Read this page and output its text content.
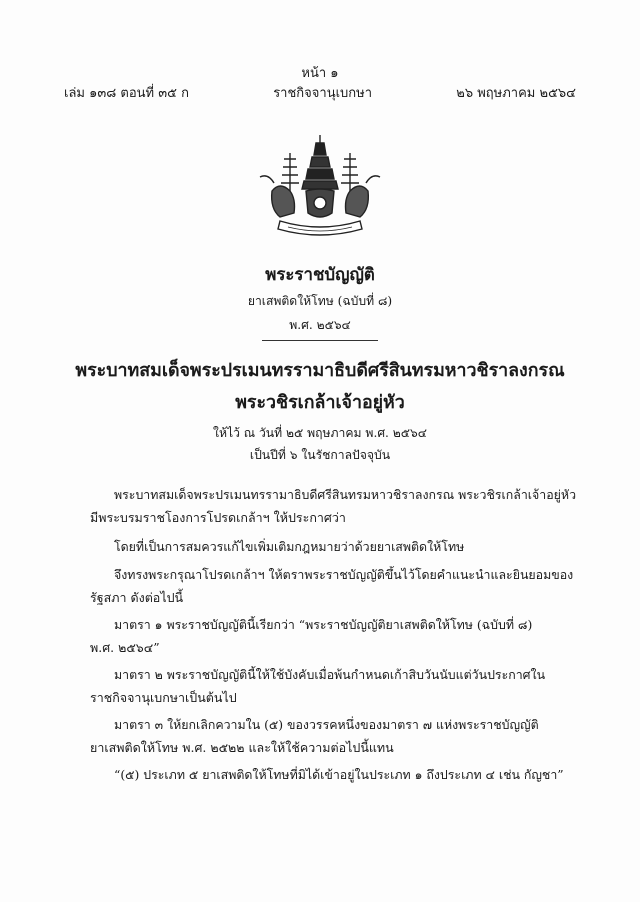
หน้า ๑
เล่ม ๑๓๘ ตอนที่ ๓๕ ก	ราชกิจจานุเบกษา	๒๖ พฤษภาคม ๒๕๖๔
พระราชบัญญัติ
ยาเสพติดให้โทษ (ฉบับที่ ๘)
พ.ศ. ๒๕๖๔
พระบาทสมเด็จพระปรเมนทรรามาธิบดีศรีสินทรมหาวชิราลงกรณ
พระวชิรเกล้าเจ้าอยู่หัว
ให้ไว้ ณ วันที่ ๒๕ พฤษภาคม พ.ศ. ๒๕๖๔
เป็นปีที่ ๖ ในรัชกาลปัจจุบัน
พระบาทสมเด็จพระปรเมนทรรามาธิบดีศรีสินทรมหาวชิราลงกรณ พระวชิรเกล้าเจ้าอยู่หัว
มีพระบรมราชโองการโปรดเกล้าฯ ให้ประกาศว่า
โดยที่เป็นการสมควรแก้ไขเพิ่มเติมกฎหมายว่าด้วยยาเสพติดให้โทษ
จึงทรงพระกรุณาโปรดเกล้าฯ ให้ตราพระราชบัญญัติขึ้นไว้โดยคำแนะนำและยินยอมของ
รัฐสภา ดังต่อไปนี้
มาตรา ๑ พระราชบัญญัตินี้เรียกว่า “พระราชบัญญัติยาเสพติดให้โทษ (ฉบับที่ ๘)
พ.ศ. ๒๕๖๔”
มาตรา ๒ พระราชบัญญัตินี้ให้ใช้บังคับเมื่อพ้นกำหนดเก้าสิบวันนับแต่วันประกาศใน
ราชกิจจานุเบกษาเป็นต้นไป
มาตรา ๓ ให้ยกเลิกความใน (๕) ของวรรคหนึ่งของมาตรา ๗ แห่งพระราชบัญญัติ
ยาเสพติดให้โทษ พ.ศ. ๒๕๒๒ และให้ใช้ความต่อไปนี้แทน
“(๕) ประเภท ๕ ยาเสพติดให้โทษที่มิได้เข้าอยู่ในประเภท ๑ ถึงประเภท ๔ เช่น กัญชา”
